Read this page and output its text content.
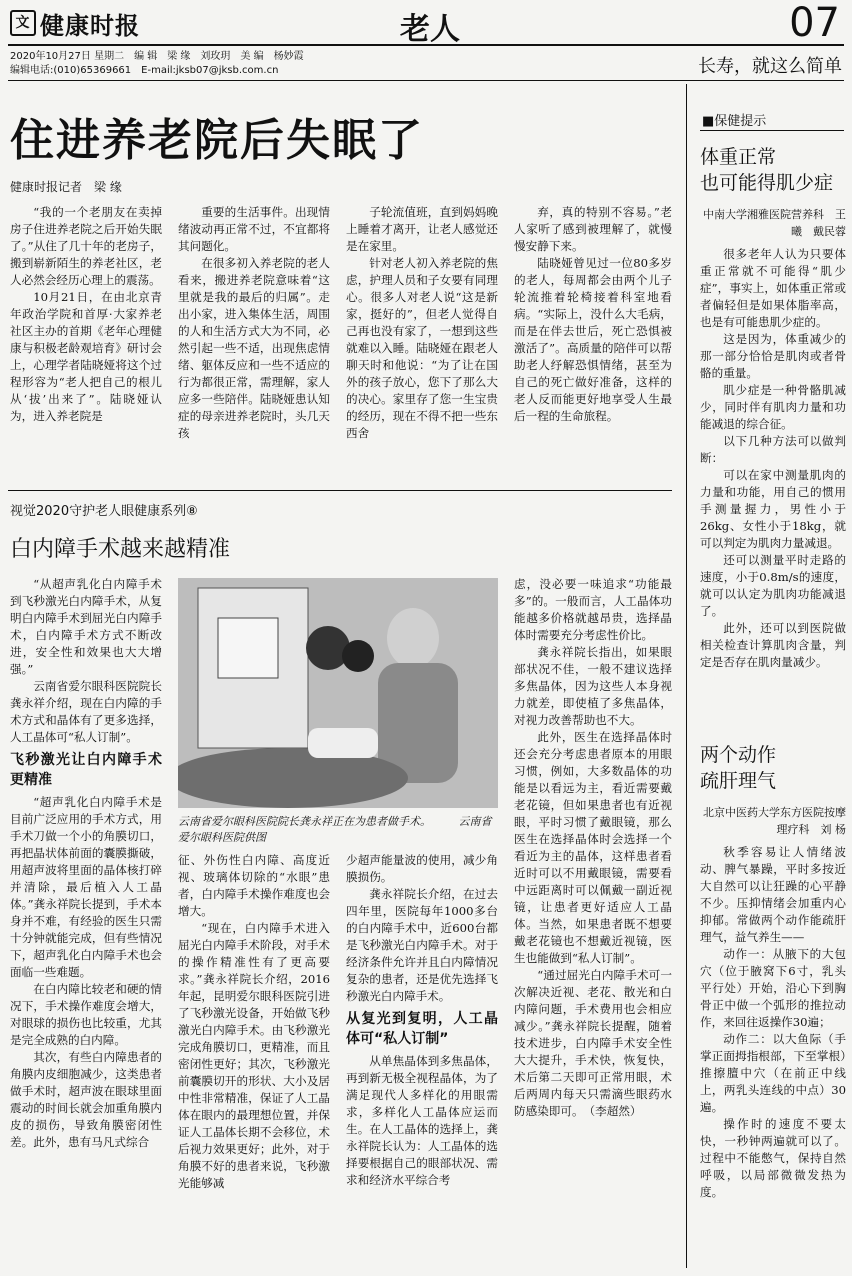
文 健康时报	老人	07
2020年10月27日 星期二　编 辑　梁 缘　刘玫玥　美 编　杨妙霞
编辑电话:(010)65369661　E-mail:jksb07@jksb.com.cn	长寿，就这么简单
住进养老院后失眠了
健康时报记者　梁 缘

“我的一个老朋友在卖掉房子住进养老院之后开始失眠了。”从住了几十年的老房子，搬到崭新陌生的养老社区，老人必然会经历心理上的震荡。

10月21日，在由北京青年政治学院和首厚·大家养老社区主办的首期《老年心理健康与积极老龄观培育》研讨会上，心理学者陆晓娅将这个过程形容为“老人把自己的根儿从‘拔’出来了”。陆晓娅认为，进入养老院是

重要的生活事件。出现情绪波动再正常不过，不宜都将其问题化。

在很多初入养老院的老人看来，搬进养老院意味着“这里就是我的最后的归属”。走出小家，进入集体生活，周围的人和生活方式大为不同，必然引起一些不适，出现焦虑情绪、躯体反应和一些不适应的行为都很正常，需理解，家人应多一些陪伴。陆晓娅患认知症的母亲进养老院时，头几天孩

子轮流值班，直到妈妈晚上睡着才离开，让老人感觉还是在家里。

针对老人初入养老院的焦虑，护理人员和子女要有同理心。很多人对老人说“这是新家，挺好的”，但老人觉得自己再也没有家了，一想到这些就难以入睡。陆晓娅在跟老人聊天时和他说：“为了让在国外的孩子放心，您下了那么大的决心。家里存了您一生宝贵的经历，现在不得不把一些东西舍

弃，真的特别不容易。”老人家听了感到被理解了，就慢慢安静下来。

陆晓娅曾见过一位80多岁的老人，每周都会由两个儿子轮流推着轮椅接着科室地看病。“实际上，没什么大毛病，而是在伴去世后，死亡恐惧被激活了”。高质量的陪伴可以帮助老人纾解恐惧情绪，甚至为自己的死亡做好准备，这样的老人反而能更好地享受人生最后一程的生命旅程。

视觉2020守护老人眼健康系列⑧
白内障手术越来越精准

“从超声乳化白内障手术到飞秒激光白内障手术，从复明白内障手术到屈光白内障手术，白内障手术方式不断改进，安全性和效果也大大增强。”

云南省爱尔眼科医院院长龚永祥介绍，现在白内障的手术方式和晶体有了更多选择，人工晶体可“私人订制”。

飞秒激光让白内障手术更精准

“超声乳化白内障手术是目前广泛应用的手术方式，用手术刀做一个小的角膜切口，再把晶状体前面的囊膜撕破，用超声波将里面的晶体核打碎并清除，最后植入人工晶体。”龚永祥院长提到，手术本身并不难，有经验的医生只需十分钟就能完成，但有些情况下，超声乳化白内障手术也会面临一些难题。

在白内障比较老和硬的情况下，手术操作难度会增大，对眼球的损伤也比较重，尤其是完全成熟的白内障。

其次，有些白内障患者的角膜内皮细胞减少，这类患者做手术时，超声波在眼球里面震动的时间长就会加重角膜内皮的损伤，导致角膜密闭性差。此外，患有马凡式综合

云南省爱尔眼科医院院长龚永祥正在为患者做手术。　　　云南省爱尔眼科医院供图

征、外伤性白内障、高度近视、玻璃体切除的“水眼”患者，白内障手术操作难度也会增大。

“现在，白内障手术进入屈光白内障手术阶段，对手术的操作精准性有了更高要求。”龚永祥院长介绍，2016年起，昆明爱尔眼科医院引进了飞秒激光设备，开始做飞秒激光白内障手术。由飞秒激光完成角膜切口，更精准，而且密闭性更好；其次，飞秒激光前囊膜切开的形状、大小及居中性非常精准，保证了人工晶体在眼内的最理想位置，并保证人工晶体长期不会移位，术后视力效果更好；此外，对于角膜不好的患者来说，飞秒激光能够减

少超声能量波的使用，减少角膜损伤。

龚永祥院长介绍，在过去四年里，医院每年1000多台的白内障手术中，近600台都是飞秒激光白内障手术。对于经济条件允许并且白内障情况复杂的患者，还是优先选择飞秒激光白内障手术。

从复光到复明，人工晶体可“私人订制”

从单焦晶体到多焦晶体，再到新无极全视程晶体，为了满足现代人多样化的用眼需求，多样化人工晶体应运而生。在人工晶体的选择上，龚永祥院长认为：人工晶体的选择要根据自己的眼部状况、需求和经济水平综合考

虑，没必要一味追求“功能最多”的。一般而言，人工晶体功能越多价格就越昂贵，选择晶体时需要充分考虑性价比。

龚永祥院长指出，如果眼部状况不佳，一般不建议选择多焦晶体，因为这些人本身视力就差，即使植了多焦晶体，对视力改善帮助也不大。

此外，医生在选择晶体时还会充分考虑患者原本的用眼习惯，例如，大多数晶体的功能是以看远为主，看近需要戴老花镜，但如果患者也有近视眼，平时习惯了戴眼镜，那么医生在选择晶体时会选择一个看近为主的晶体，这样患者看近时可以不用戴眼镜，需要看中远距离时可以佩戴一副近视镜，让患者更好适应人工晶体。当然，如果患者既不想要戴老花镜也不想戴近视镜，医生也能做到“私人订制”。

“通过屈光白内障手术可一次解决近视、老花、散光和白内障问题，手术费用也会相应减少。”龚永祥院长提醒，随着技术进步，白内障手术安全性大大提升，手术快，恢复快，术后第二天即可正常用眼，术后两周内每天只需滴些眼药水防感染即可。　（李超然）

■保健提示
体重正常
也可能得肌少症
中南大学湘雅医院营养科　王 曦　戴民蓉

很多老年人认为只要体重正常就不可能得“肌少症”，事实上，如体重正常或者偏轻但是如果体脂率高，也是有可能患肌少症的。

这是因为，体重减少的那一部分恰恰是肌肉或者骨骼的重量。

肌少症是一种骨骼肌减少，同时伴有肌肉力量和功能减退的综合征。

以下几种方法可以做判断：

可以在家中测量肌肉的力量和功能，用自己的惯用手测量握力，男性小于26kg、女性小于18kg，就可以判定为肌肉力量减退。

还可以测量平时走路的速度，小于0.8m/s的速度，就可以认定为肌肉功能减退了。

此外，还可以到医院做相关检查计算肌肉含量，判定是否存在肌肉量减少。

两个动作
疏肝理气
北京中医药大学东方医院按摩理疗科　刘 杨

秋季容易让人情绪波动、脾气暴躁，平时多按近大自然可以让狂躁的心平静不少。压抑情绪会加重内心抑郁。常做两个动作能疏肝理气，益气养生——

动作一：从腋下的大包穴（位于腋窝下6寸，乳头平行处）开始，沿心下到胸骨正中做一个弧形的推拉动作，来回往返操作30遍；

动作二：以大鱼际（手掌正面拇指根部，下至掌根）推擦膻中穴（在前正中线上，两乳头连线的中点）30遍。

操作时的速度不要太快，一秒钟两遍就可以了。过程中不能憋气，保持自然呼吸，以局部微微发热为度。
